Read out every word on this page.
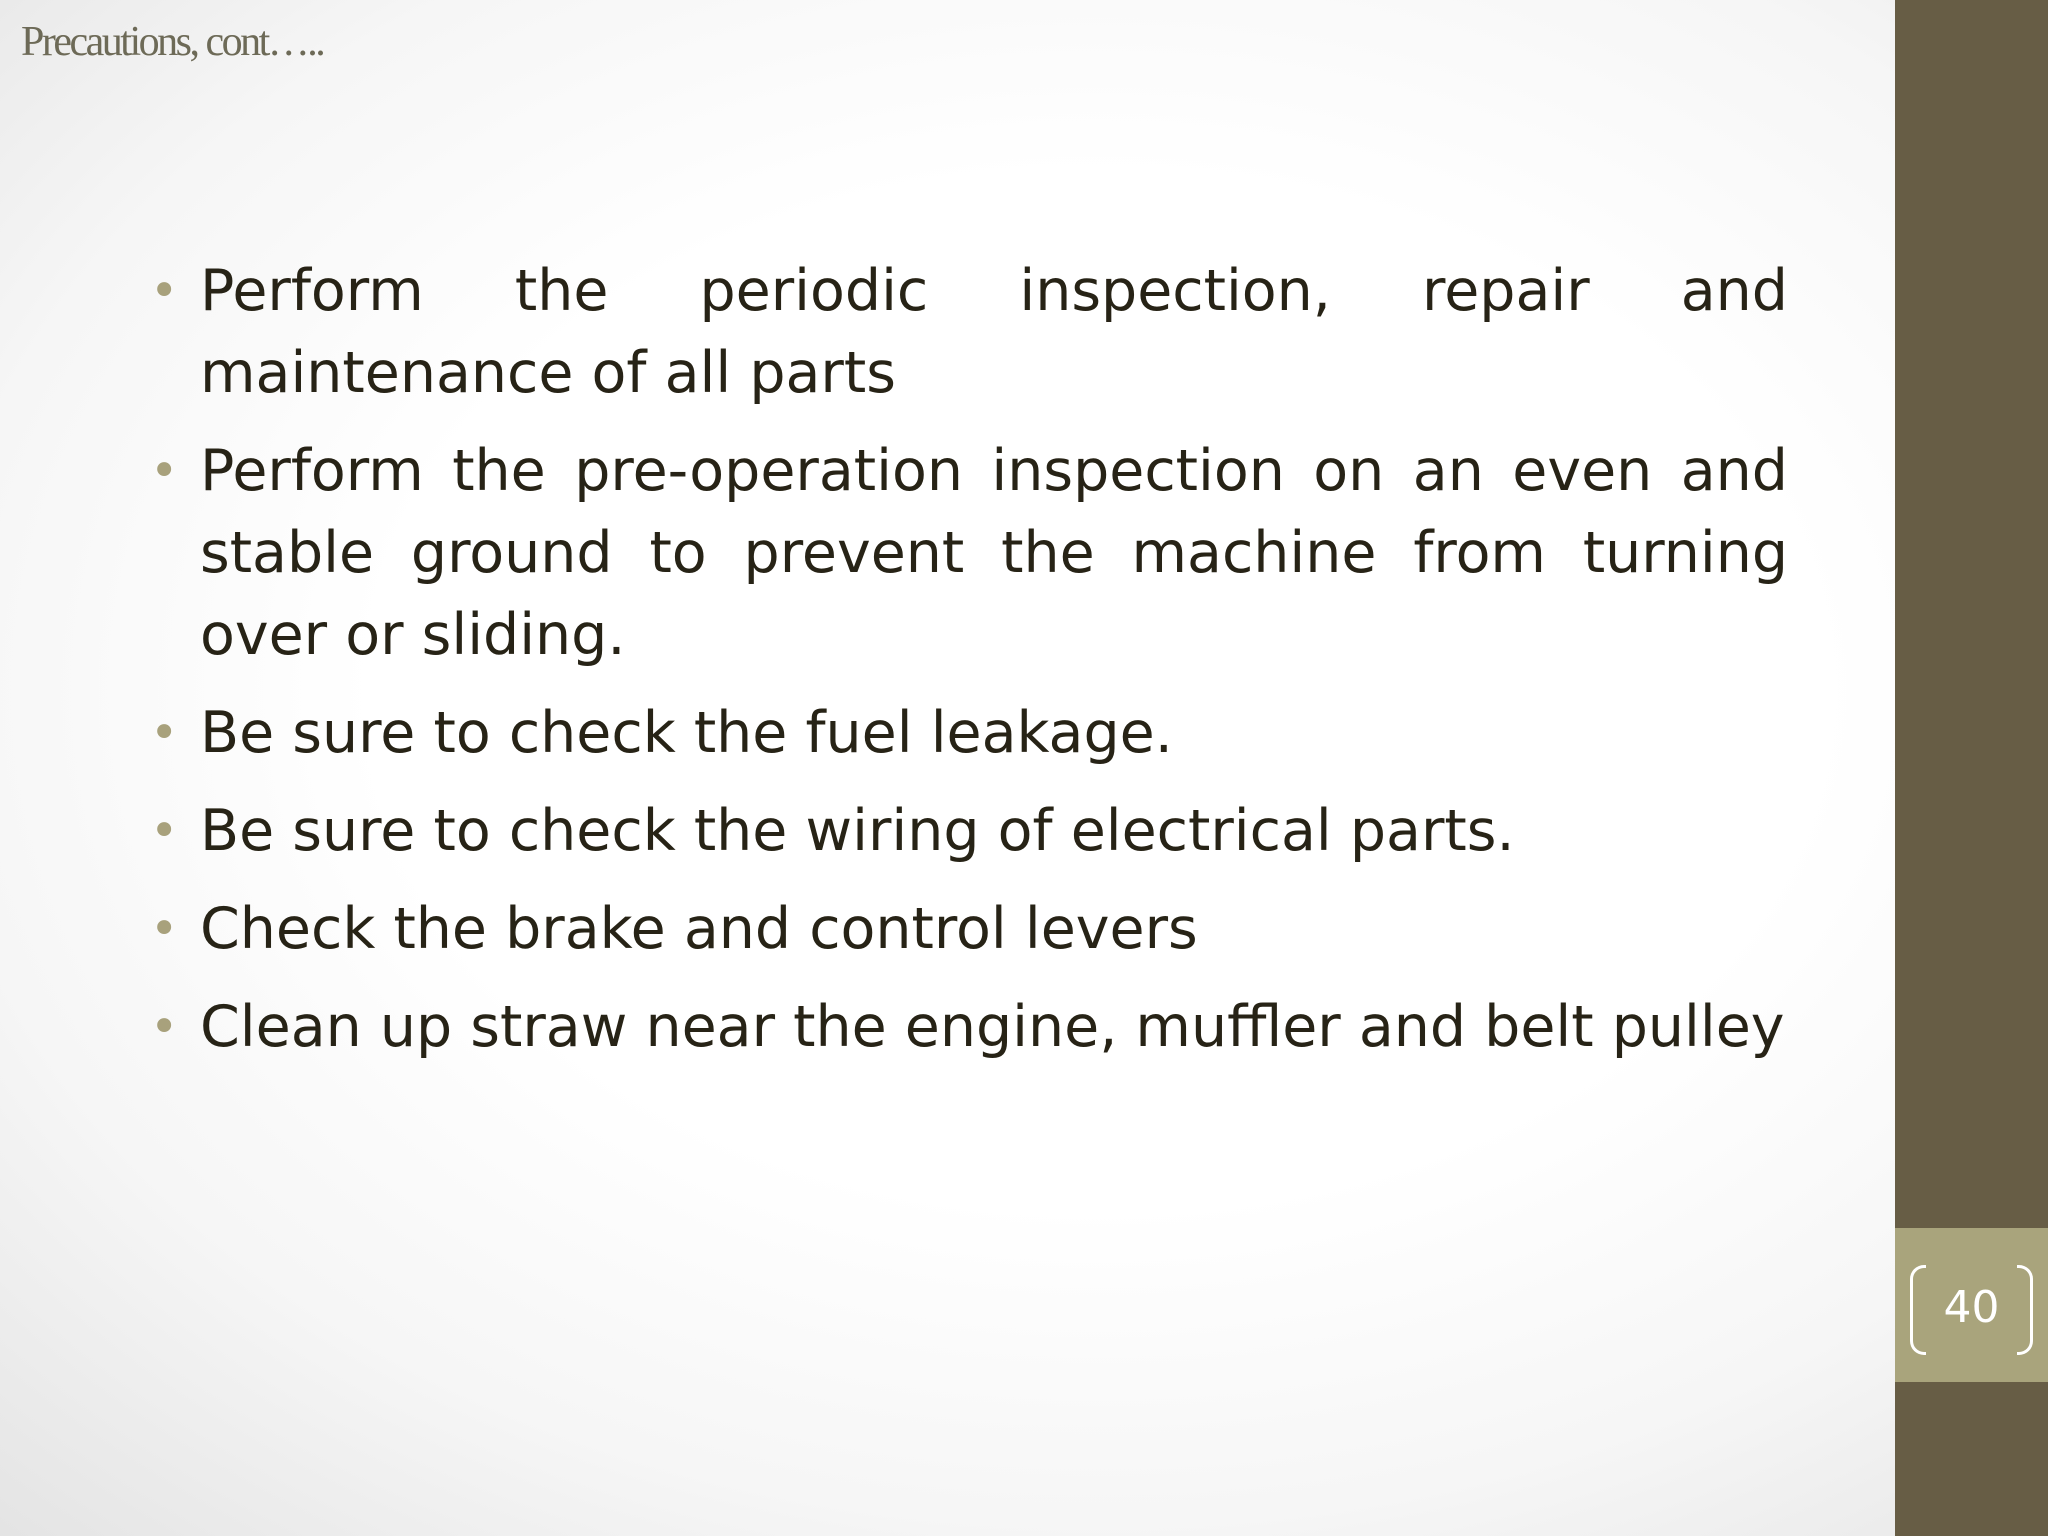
Precautions, cont…..
• Perform the periodic inspection, repair and maintenance of all parts
• Perform the pre-operation inspection on an even and stable ground to prevent the machine from turning over or sliding.
• Be sure to check the fuel leakage.
• Be sure to check the wiring of electrical parts.
• Check the brake and control levers
• Clean up straw near the engine, muffler and belt pulley
40
